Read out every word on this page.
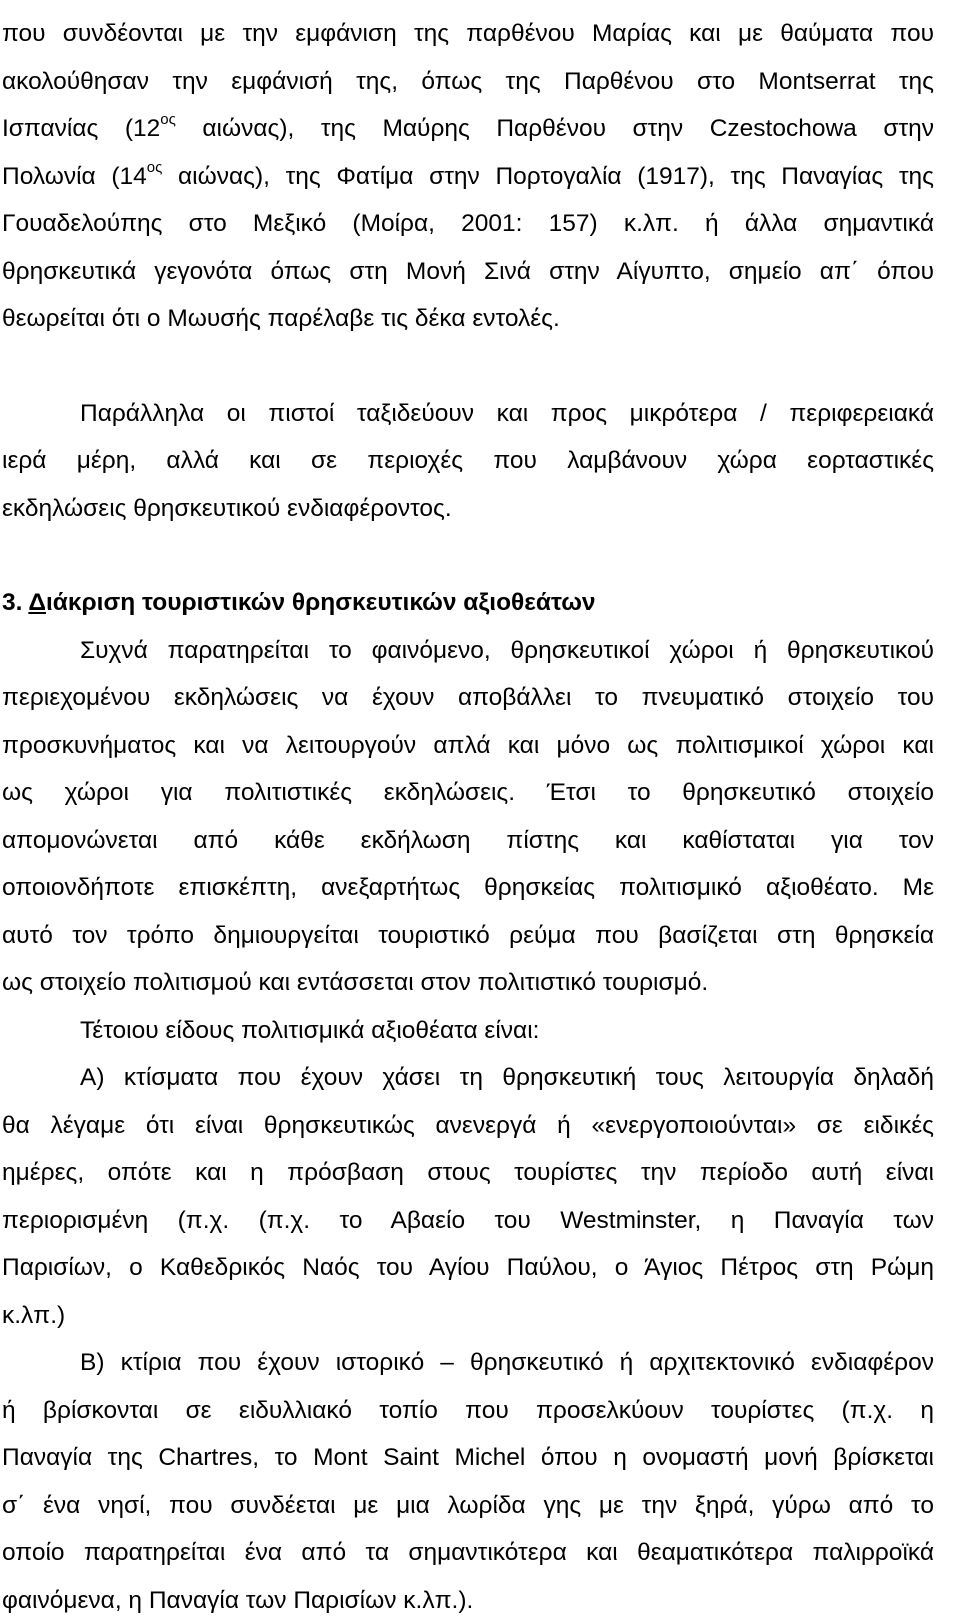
που συνδέονται με την εμφάνιση της παρθένου Μαρίας και με θαύματα που

ακολούθησαν την εμφάνισή της, όπως της Παρθένου στο Montserrat της

Ισπανίας ($12^{o\varsigma}$ αιώνας), της Μαύρης Παρθένου στην Czestochowa στην

Πολωνία ($14^{o\varsigma}$ αιώνας), της Φατίμα στην Πορτογαλία (1917), της Παναγίας της

Γουαδελούπης στο Μεξικό (Μοίρα, 2001: 157) κ.λπ. ή άλλα σημαντικά

θρησκευτικά γεγονότα όπως στη Μονή Σινά στην Αίγυπτο, σημείο απ΄ όπου

θεωρείται ότι ο Μωυσής παρέλαβε τις δέκα εντολές.

Παράλληλα οι πιστοί ταξιδεύουν και προς μικρότερα / περιφερειακά

ιερά μέρη, αλλά και σε περιοχές που λαμβάνουν χώρα εορταστικές

εκδηλώσεις θρησκευτικού ενδιαφέροντος.

3. Διάκριση τουριστικών θρησκευτικών αξιοθεάτων

Συχνά παρατηρείται το φαινόμενο, θρησκευτικοί χώροι ή θρησκευτικού

περιεχομένου εκδηλώσεις να έχουν αποβάλλει το πνευματικό στοιχείο του

προσκυνήματος και να λειτουργούν απλά και μόνο ως πολιτισμικοί χώροι και

ως χώροι για πολιτιστικές εκδηλώσεις. Έτσι το θρησκευτικό στοιχείο

απομονώνεται από κάθε εκδήλωση πίστης και καθίσταται για τον

οποιονδήποτε επισκέπτη, ανεξαρτήτως θρησκείας πολιτισμικό αξιοθέατο. Με

αυτό τον τρόπο δημιουργείται τουριστικό ρεύμα που βασίζεται στη θρησκεία

ως στοιχείο πολιτισμού και εντάσσεται στον πολιτιστικό τουρισμό.

Τέτοιου είδους πολιτισμικά αξιοθέατα είναι:

Α) κτίσματα που έχουν χάσει τη θρησκευτική τους λειτουργία δηλαδή

θα λέγαμε ότι είναι θρησκευτικώς ανενεργά ή «ενεργοποιούνται» σε ειδικές

ημέρες, οπότε και η πρόσβαση στους τουρίστες την περίοδο αυτή είναι

περιορισμένη (π.χ. (π.χ. το Αβαείο του Westminster, η Παναγία των

Παρισίων, ο Καθεδρικός Ναός του Αγίου Παύλου, ο Άγιος Πέτρος στη Ρώμη

κ.λπ.)

Β) κτίρια που έχουν ιστορικό – θρησκευτικό ή αρχιτεκτονικό ενδιαφέρον

ή βρίσκονται σε ειδυλλιακό τοπίο που προσελκύουν τουρίστες (π.χ. η

Παναγία της Chartres, το Mont Saint Michel όπου η ονομαστή μονή βρίσκεται

σ΄ ένα νησί, που συνδέεται με μια λωρίδα γης με την ξηρά, γύρω από το

οποίο παρατηρείται ένα από τα σημαντικότερα και θεαματικότερα παλιρροϊκά

φαινόμενα, η Παναγία των Παρισίων κ.λπ.).
